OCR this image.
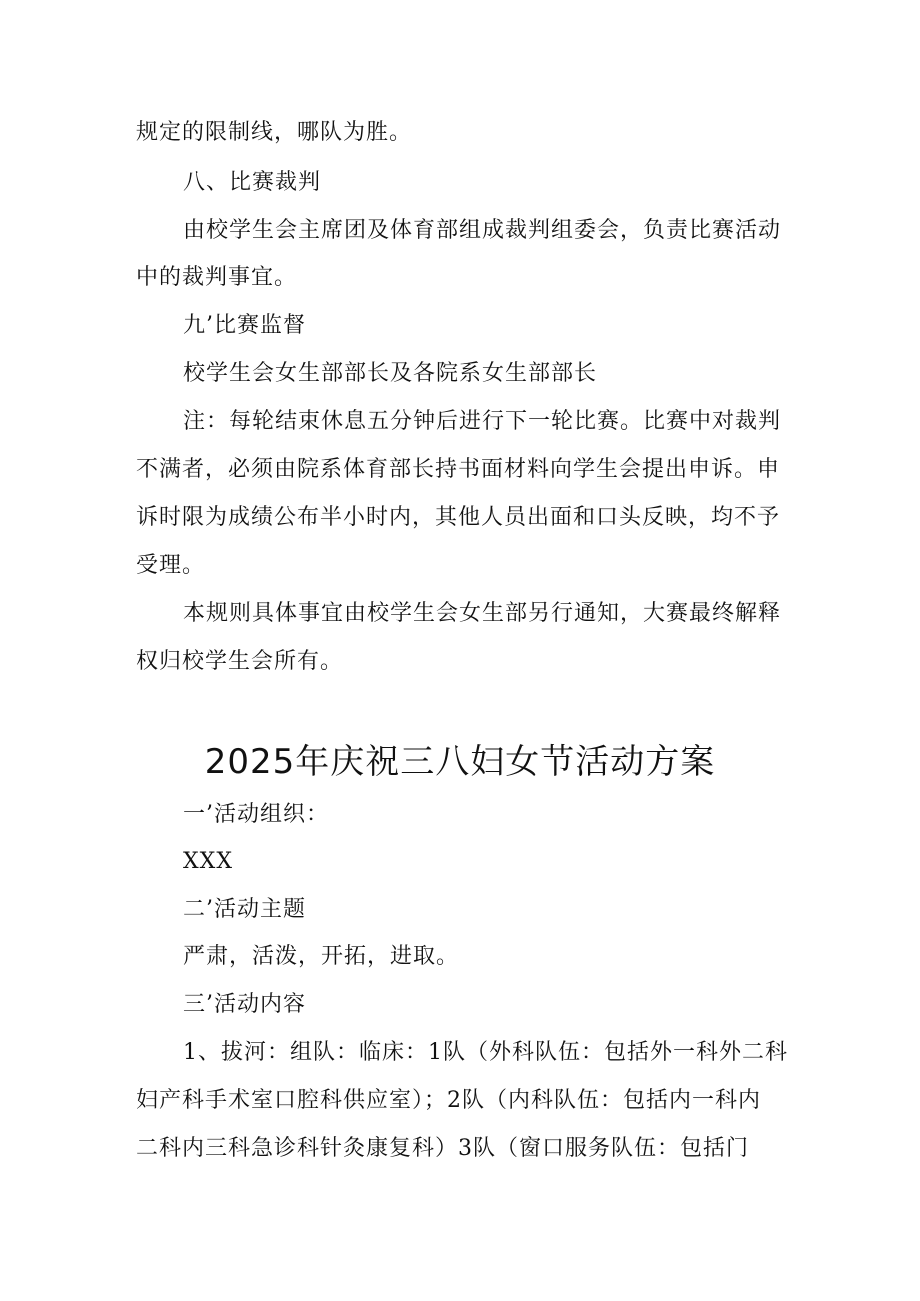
规定的限制线，哪队为胜。
八、比赛裁判
由校学生会主席团及体育部组成裁判组委会，负责比赛活动
中的裁判事宜。
九’比赛监督
校学生会女生部部长及各院系女生部部长
注：每轮结束休息五分钟后进行下一轮比赛。比赛中对裁判
不满者，必须由院系体育部长持书面材料向学生会提出申诉。申
诉时限为成绩公布半小时内，其他人员出面和口头反映，均不予
受理。
本规则具体事宜由校学生会女生部另行通知，大赛最终解释
权归校学生会所有。
2025年庆祝三八妇女节活动方案
一’活动组织：
XXX
二’活动主题
严肃，活泼，开拓，进取。
三’活动内容
1、拔河：组队：临床：1队（外科队伍：包括外一科外二科
妇产科手术室口腔科供应室）；2队（内科队伍：包括内一科内
二科内三科急诊科针灸康复科）3队（窗口服务队伍：包括门
